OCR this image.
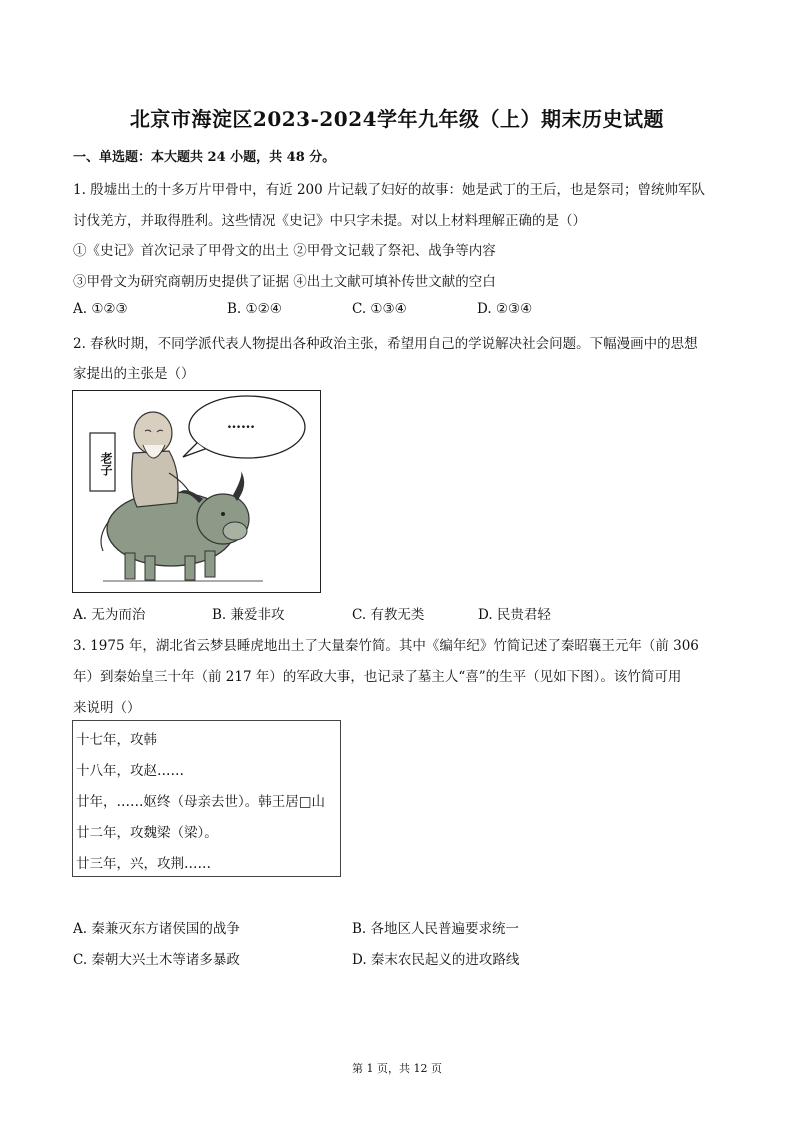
北京市海淀区2023-2024学年九年级（上）期末历史试题
一、单选题：本大题共 24 小题，共 48 分。
1. 殷墟出土的十多万片甲骨中，有近 200 片记载了妇好的故事：她是武丁的王后，也是祭司；曾统帅军队
讨伐羌方，并取得胜利。这些情况《史记》中只字未提。对以上材料理解正确的是（）
①《史记》首次记录了甲骨文的出土 ②甲骨文记载了祭祀、战争等内容
③甲骨文为研究商朝历史提供了证据 ④出土文献可填补传世文献的空白
A. ①②③	B. ①②④	C. ①③④	D. ②③④
2. 春秋时期，不同学派代表人物提出各种政治主张，希望用自己的学说解决社会问题。下幅漫画中的思想
家提出的主张是（）
老子
……
A. 无为而治	B. 兼爱非攻	C. 有教无类	D. 民贵君轻
3. 1975 年，湖北省云梦县睡虎地出土了大量秦竹简。其中《编年纪》竹简记述了秦昭襄王元年（前 306
年）到秦始皇三十年（前 217 年）的军政大事，也记录了墓主人“喜”的生平（见如下图）。该竹简可用
来说明（）
十七年，攻韩
十八年，攻赵……
廿年，……妪终（母亲去世）。韩王居□山
廿二年，攻魏梁（梁）。
廿三年，兴，攻荆……
A. 秦兼灭东方诸侯国的战争	B. 各地区人民普遍要求统一
C. 秦朝大兴土木等诸多暴政	D. 秦末农民起义的进攻路线
第 1 页，共 12 页
